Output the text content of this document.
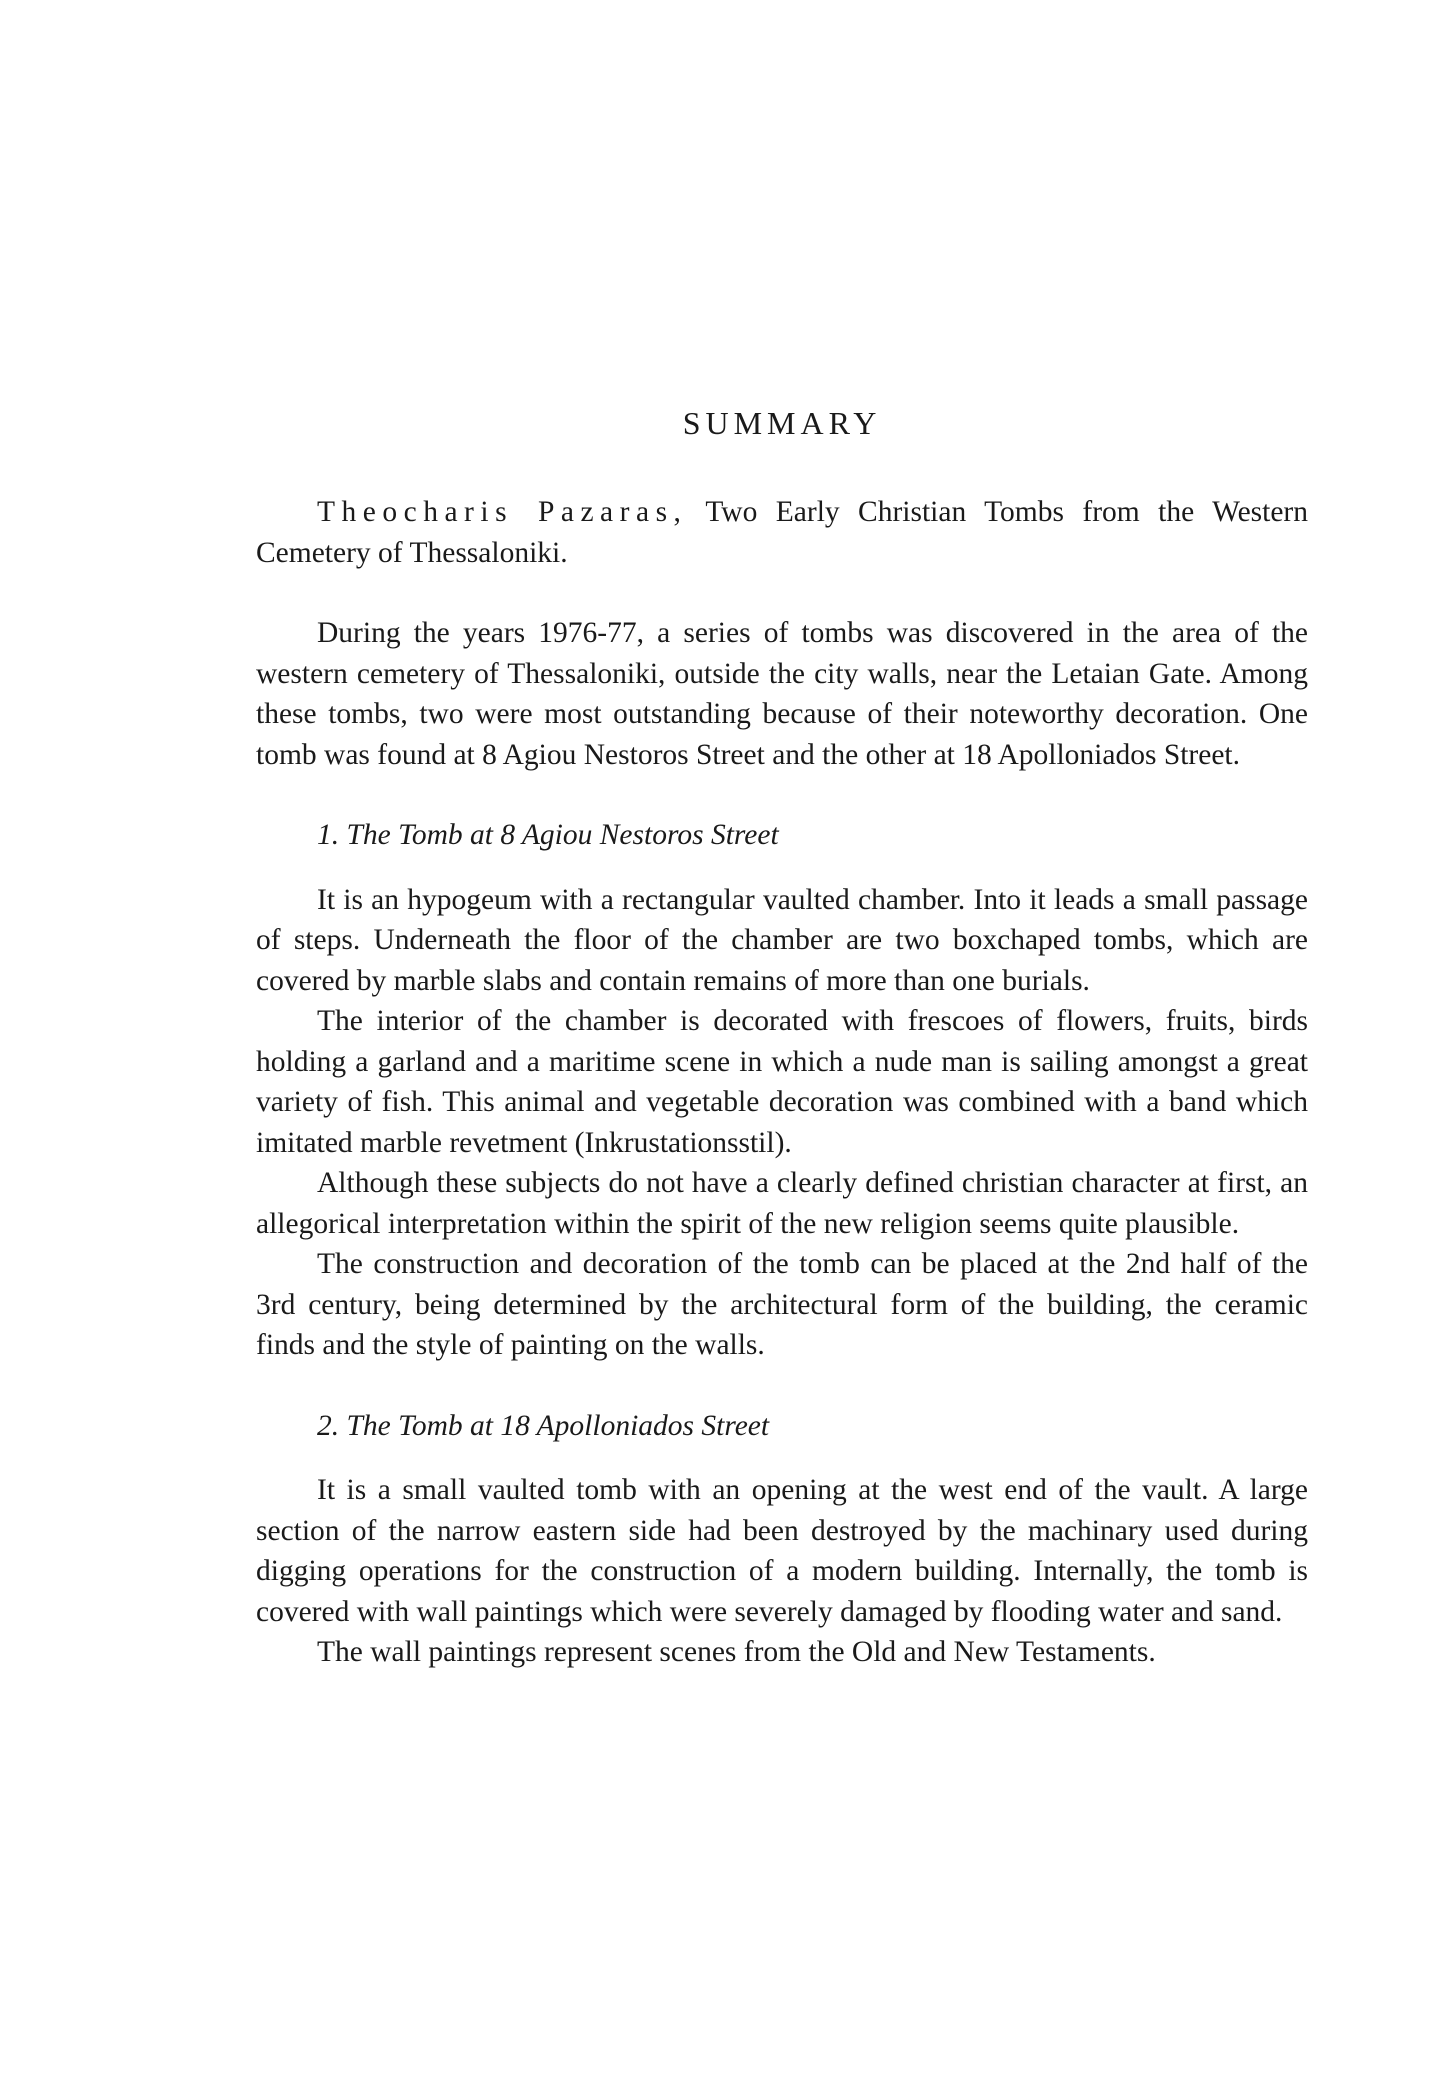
SUMMARY

Theocharis Pazaras, Two Early Christian Tombs from the Western Cemetery of Thessaloniki.

During the years 1976-77, a series of tombs was discovered in the area of the western cemetery of Thessaloniki, outside the city walls, near the Letaian Gate. Among these tombs, two were most outstanding because of their noteworthy decoration. One tomb was found at 8 Agiou Nestoros Street and the other at 18 Apolloniados Street.

1. The Tomb at 8 Agiou Nestoros Street

It is an hypogeum with a rectangular vaulted chamber. Into it leads a small passage of steps. Underneath the floor of the chamber are two boxchaped tombs, which are covered by marble slabs and contain remains of more than one burials.

The interior of the chamber is decorated with frescoes of flowers, fruits, birds holding a garland and a maritime scene in which a nude man is sailing amongst a great variety of fish. This animal and vegetable decoration was combined with a band which imitated marble revetment (Inkrustationsstil).

Although these subjects do not have a clearly defined christian character at first, an allegorical interpretation within the spirit of the new religion seems quite plausible.

The construction and decoration of the tomb can be placed at the 2nd half of the 3rd century, being determined by the architectural form of the building, the ceramic finds and the style of painting on the walls.

2. The Tomb at 18 Apolloniados Street

It is a small vaulted tomb with an opening at the west end of the vault. A large section of the narrow eastern side had been destroyed by the machinary used during digging operations for the construction of a modern building. Internally, the tomb is covered with wall paintings which were severely damaged by flooding water and sand.

The wall paintings represent scenes from the Old and New Testaments.
